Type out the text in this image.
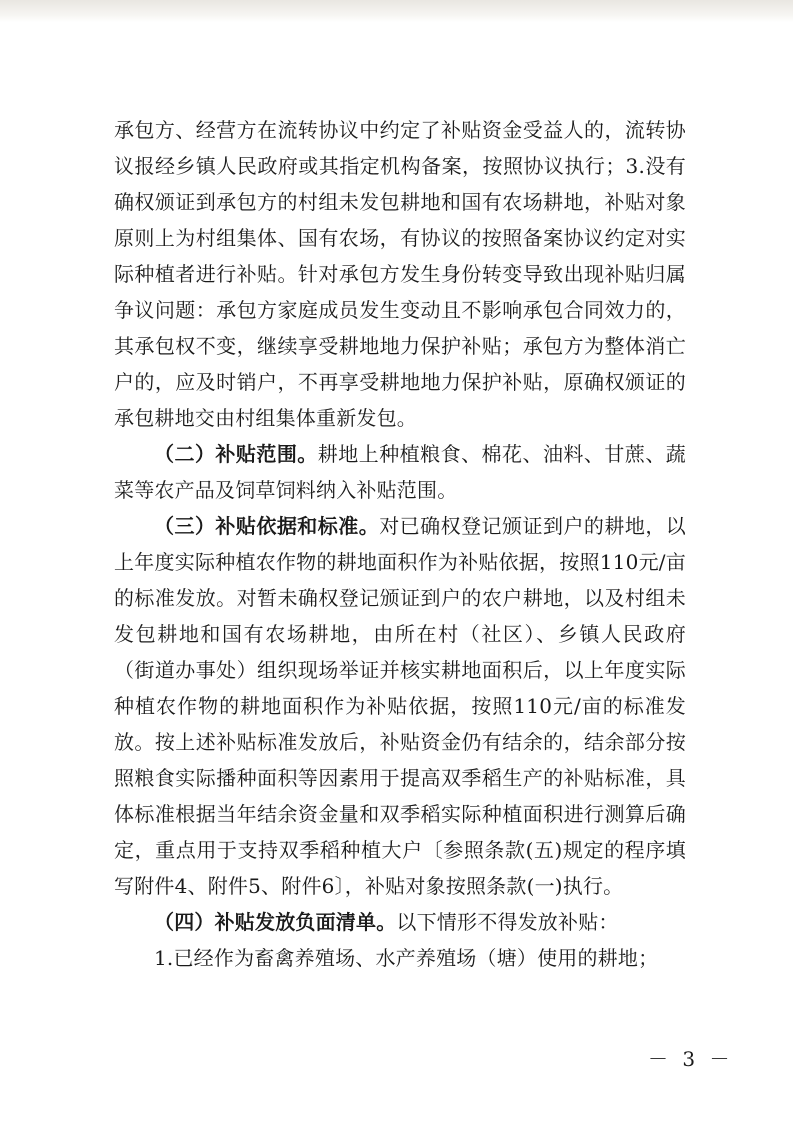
承包方、经营方在流转协议中约定了补贴资金受益人的，流转协议报经乡镇人民政府或其指定机构备案，按照协议执行；3.没有确权颁证到承包方的村组未发包耕地和国有农场耕地，补贴对象原则上为村组集体、国有农场，有协议的按照备案协议约定对实际种植者进行补贴。针对承包方发生身份转变导致出现补贴归属争议问题：承包方家庭成员发生变动且不影响承包合同效力的，其承包权不变，继续享受耕地地力保护补贴；承包方为整体消亡户的，应及时销户，不再享受耕地地力保护补贴，原确权颁证的承包耕地交由村组集体重新发包。

（二）补贴范围。耕地上种植粮食、棉花、油料、甘蔗、蔬菜等农产品及饲草饲料纳入补贴范围。

（三）补贴依据和标准。对已确权登记颁证到户的耕地，以上年度实际种植农作物的耕地面积作为补贴依据，按照110元/亩的标准发放。对暂未确权登记颁证到户的农户耕地，以及村组未发包耕地和国有农场耕地，由所在村（社区）、乡镇人民政府（街道办事处）组织现场举证并核实耕地面积后，以上年度实际种植农作物的耕地面积作为补贴依据，按照110元/亩的标准发放。按上述补贴标准发放后，补贴资金仍有结余的，结余部分按照粮食实际播种面积等因素用于提高双季稻生产的补贴标准，具体标准根据当年结余资金量和双季稻实际种植面积进行测算后确定，重点用于支持双季稻种植大户〔参照条款(五)规定的程序填写附件4、附件5、附件6〕，补贴对象按照条款(一)执行。

（四）补贴发放负面清单。以下情形不得发放补贴：

1.已经作为畜禽养殖场、水产养殖场（塘）使用的耕地；

－ 3 －
